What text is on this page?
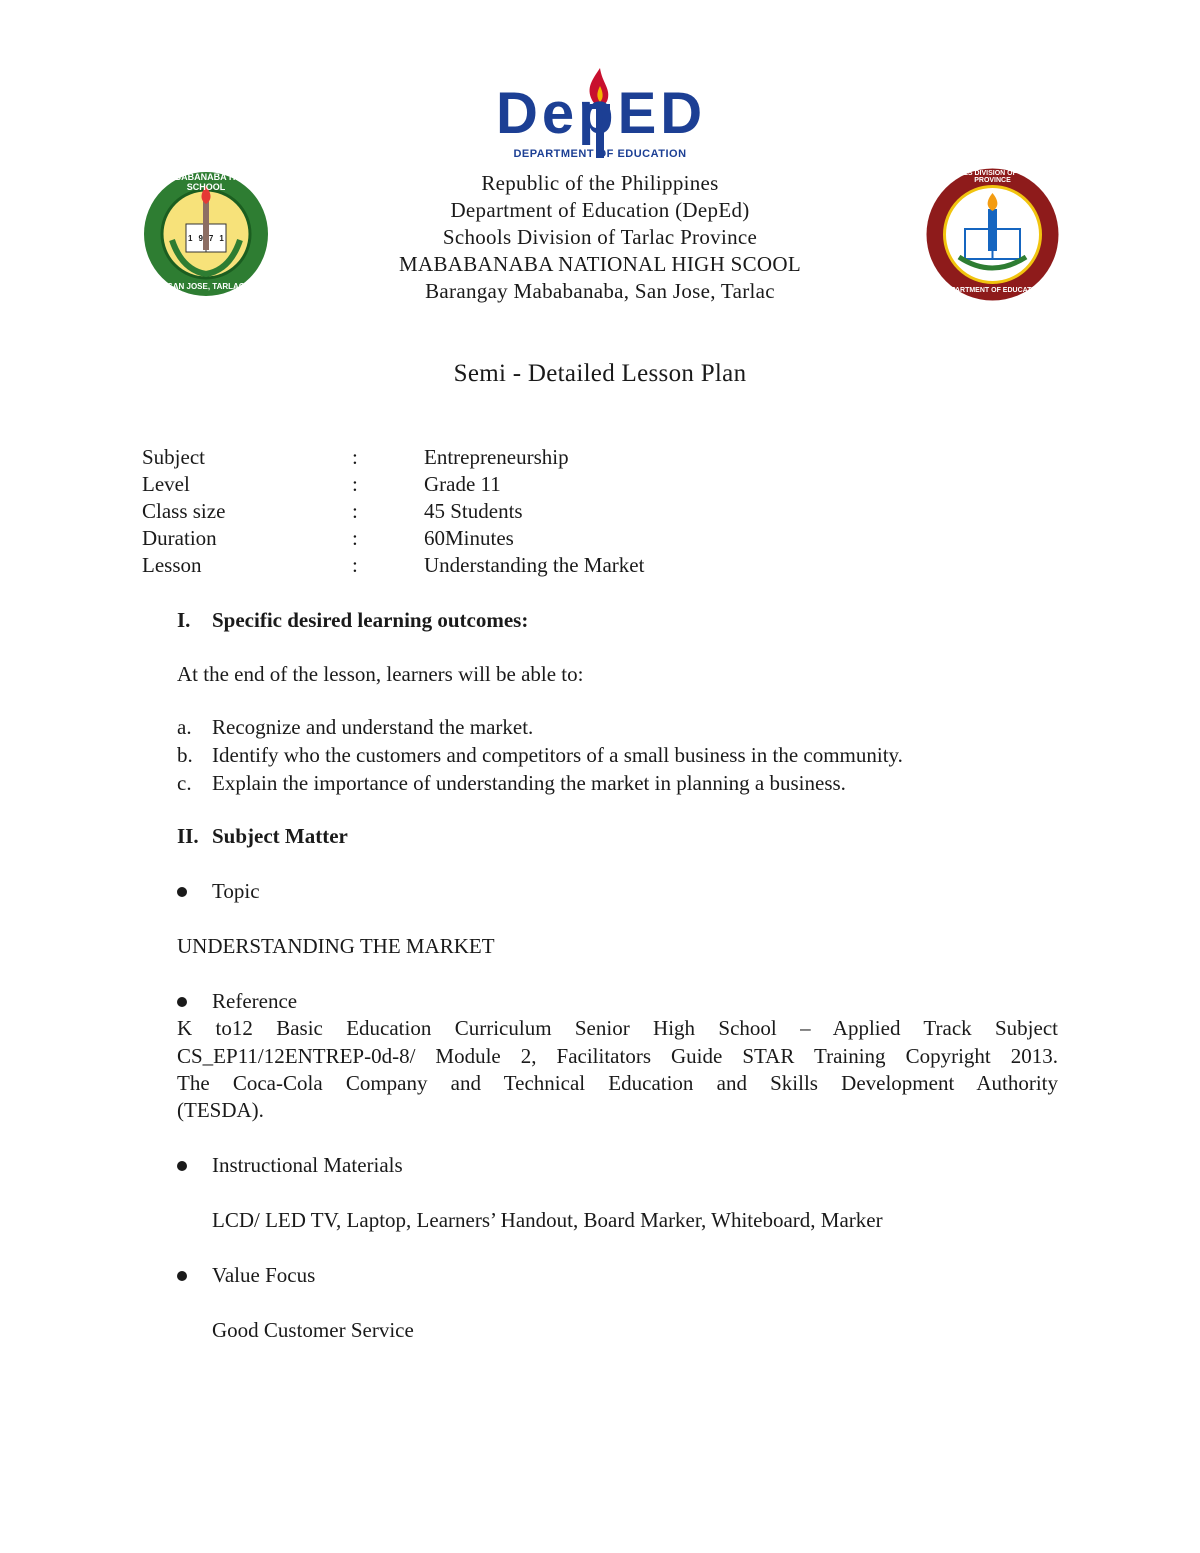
DepED
DEPARTMENT OF EDUCATION
1971
MABABANABA HIGH SCHOOL
SAN JOSE, TARLAC
SCHOOLS DIVISION OF TARLAC PROVINCE
DEPARTMENT OF EDUCATION
Republic of the Philippines
Department of Education (DepEd)
Schools Division of Tarlac Province
MABABANABA NATIONAL HIGH SCOOL
Barangay Mababanaba, San Jose, Tarlac
Semi - Detailed Lesson Plan
Subject	:	Entrepreneurship
Level	:	Grade 11
Class size	:	45 Students
Duration	:	60Minutes
Lesson	:	Understanding the Market
I. Specific desired learning outcomes:
At the end of the lesson, learners will be able to:
a. Recognize and understand the market.
b. Identify who the customers and competitors of a small business in the community.
c. Explain the importance of understanding the market in planning a business.
II. Subject Matter
Topic
UNDERSTANDING THE MARKET
Reference
K to12 Basic Education Curriculum Senior High School – Applied Track Subject
CS_EP11/12ENTREP-0d-8/ Module 2, Facilitators Guide STAR Training Copyright 2013.
The Coca-Cola Company and Technical Education and Skills Development Authority
(TESDA).
Instructional Materials
LCD/ LED TV, Laptop, Learners’ Handout, Board Marker, Whiteboard, Marker
Value Focus
Good Customer Service
